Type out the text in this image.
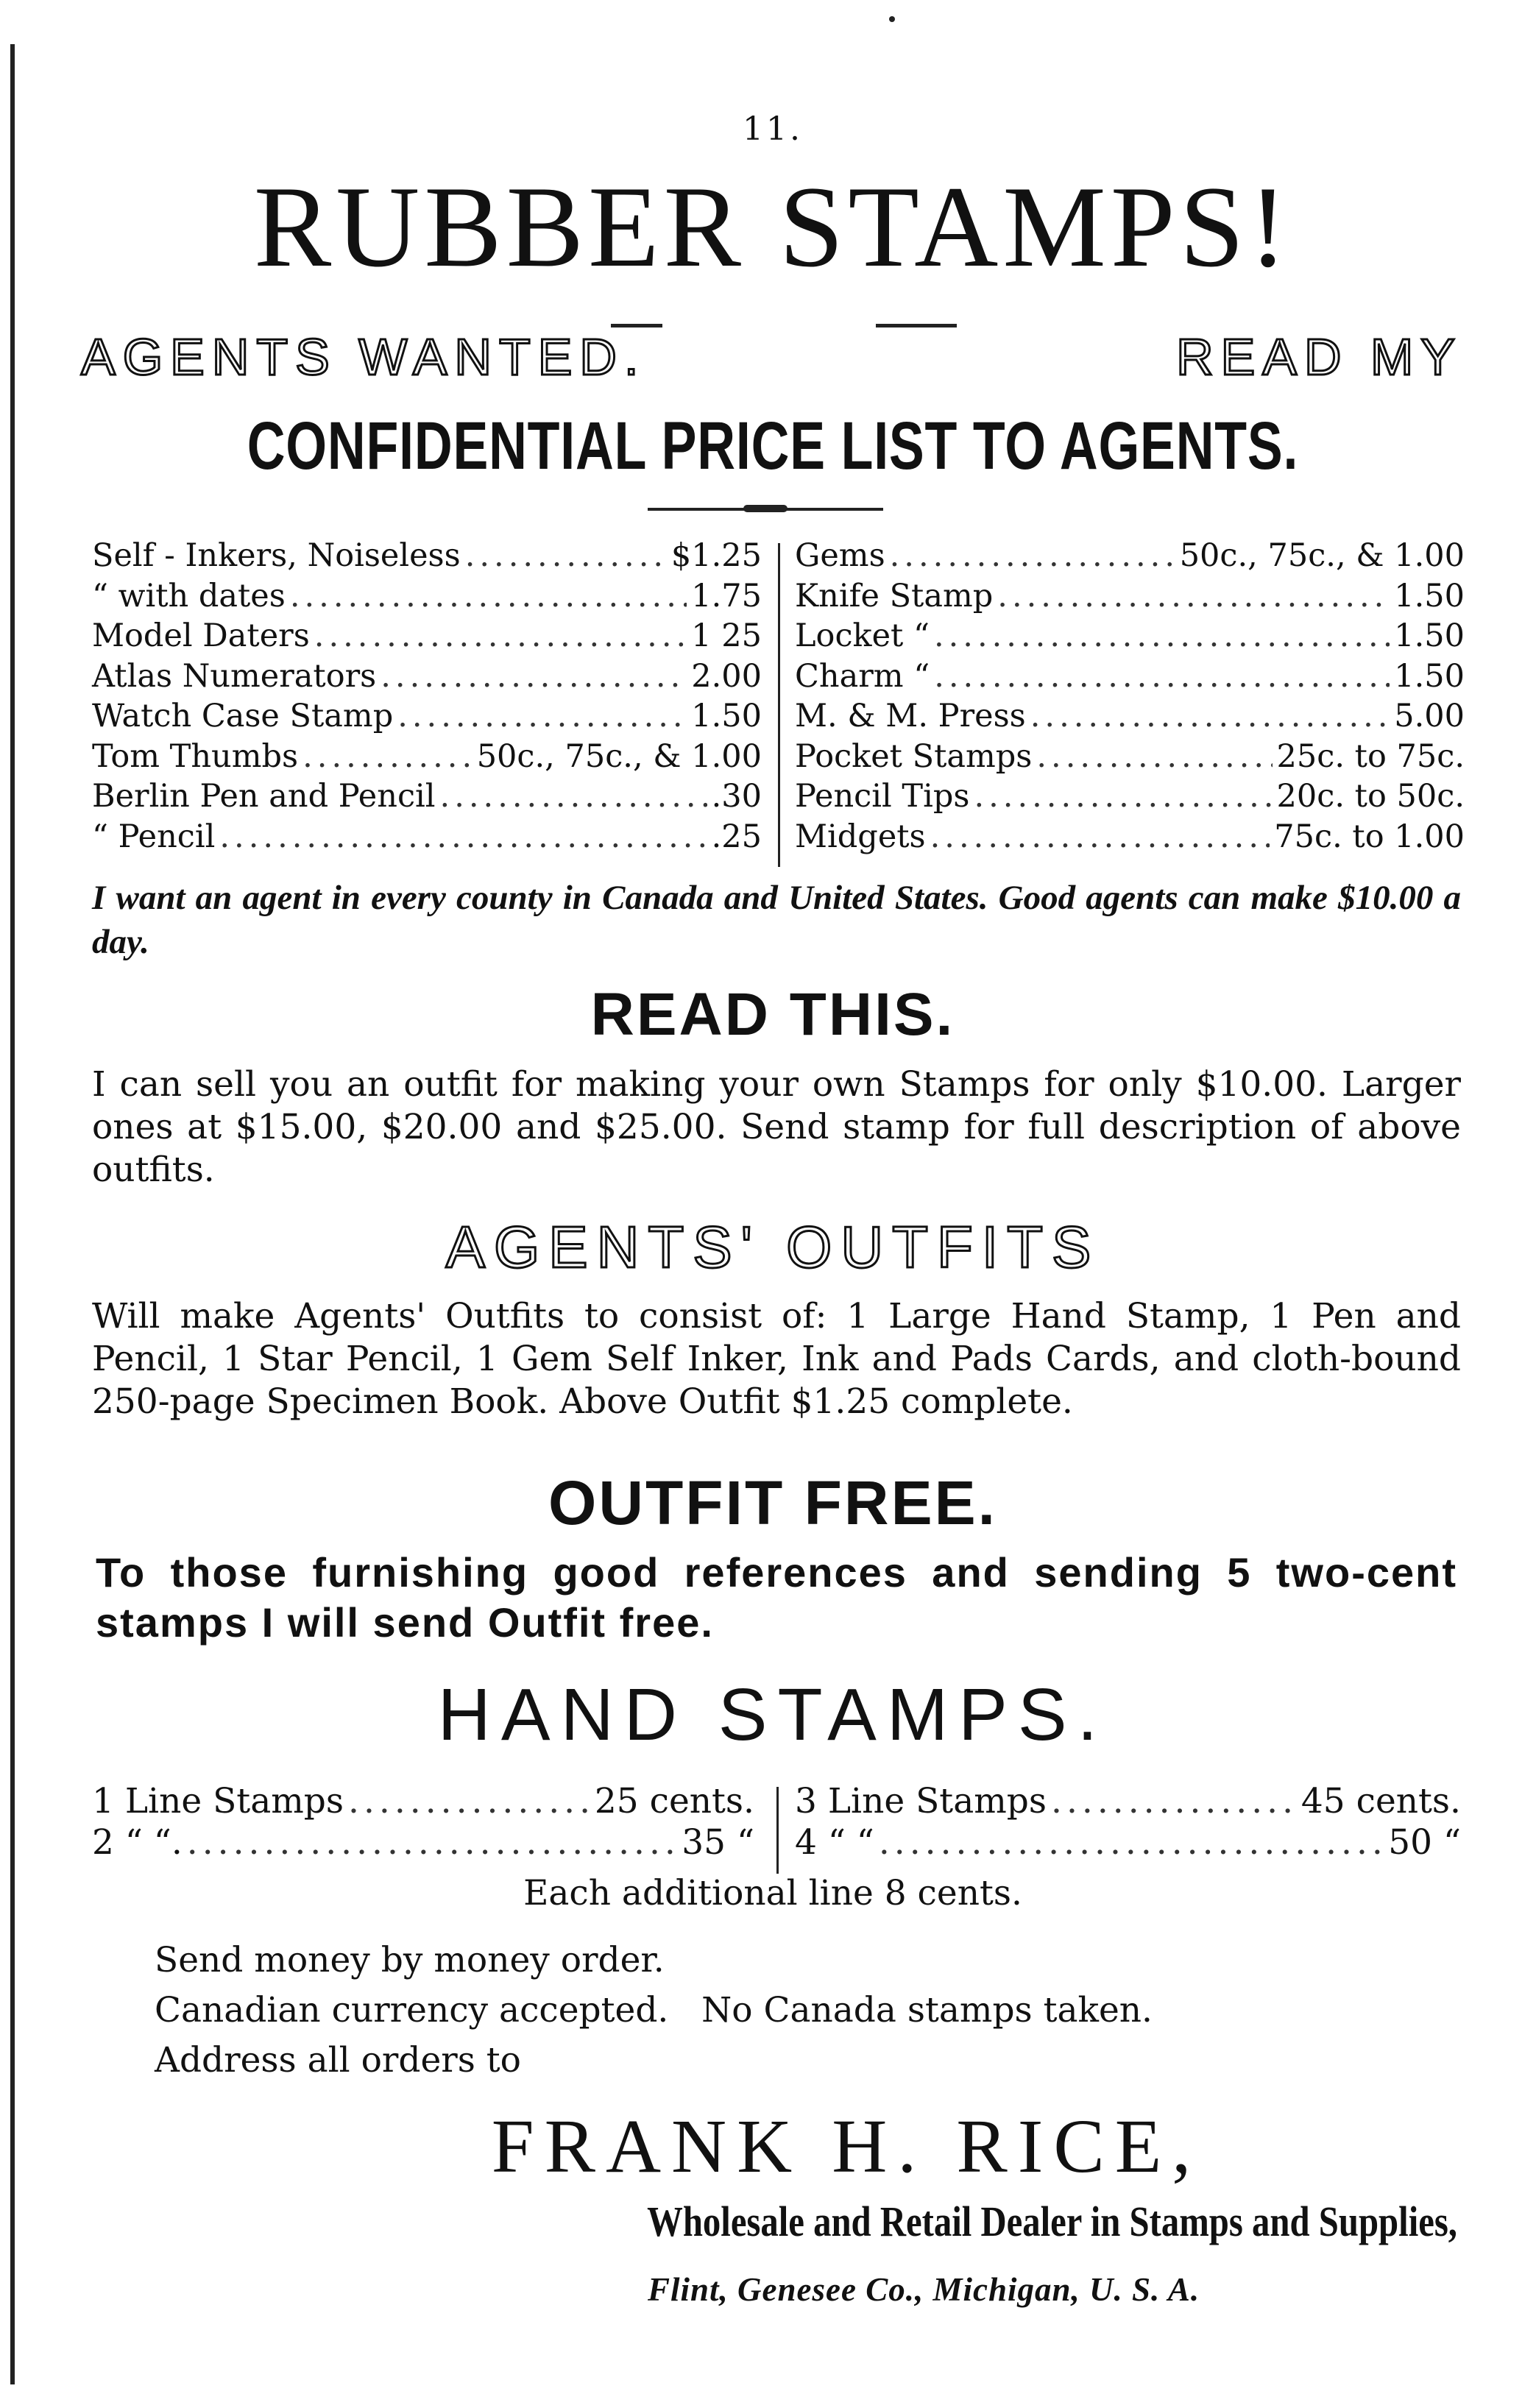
11.
RUBBER STAMPS!
AGENTS WANTED.	READ MY
CONFIDENTIAL PRICE LIST TO AGENTS.
Self - Inkers, Noiseless .....	$1.25
“ with dates .....	1.75
Model Daters .....	1 25
Atlas Numerators .....	2.00
Watch Case Stamp .....	1.50
Tom Thumbs .....	50c., 75c., & 1.00
Berlin Pen and Pencil .....	.30
“ Pencil .....	.25
Gems .....	50c., 75c., & 1.00
Knife Stamp .....	1.50
Locket “ .....	1.50
Charm “ .....	1.50
M. & M. Press .....	5.00
Pocket Stamps .....	25c. to 75c.
Pencil Tips .....	20c. to 50c.
Midgets .....	75c. to 1.00
I want an agent in every county in Canada and United States. Good agents can make $10.00 a day.
READ THIS.
I can sell you an outfit for making your own Stamps for only $10.00. Larger ones at $15.00, $20.00 and $25.00. Send stamp for full description of above outfits.
AGENTS' OUTFITS
Will make Agents' Outfits to consist of: 1 Large Hand Stamp, 1 Pen and Pencil, 1 Star Pencil, 1 Gem Self Inker, Ink and Pads Cards, and cloth-bound 250-page Specimen Book. Above Outfit $1.25 complete.
OUTFIT FREE.
To those furnishing good references and sending 5 two-cent stamps I will send Outfit free.
HAND STAMPS.
1 Line Stamps .....	25 cents.
2 “ “. .....	35 “
3 Line Stamps .....	45 cents.
4 “ “ .....	50 “
Each additional line 8 cents.
Send money by money order.
Canadian currency accepted.   No Canada stamps taken.
Address all orders to
FRANK H. RICE,
Wholesale and Retail Dealer in Stamps and Supplies,
Flint, Genesee Co., Michigan, U. S. A.
